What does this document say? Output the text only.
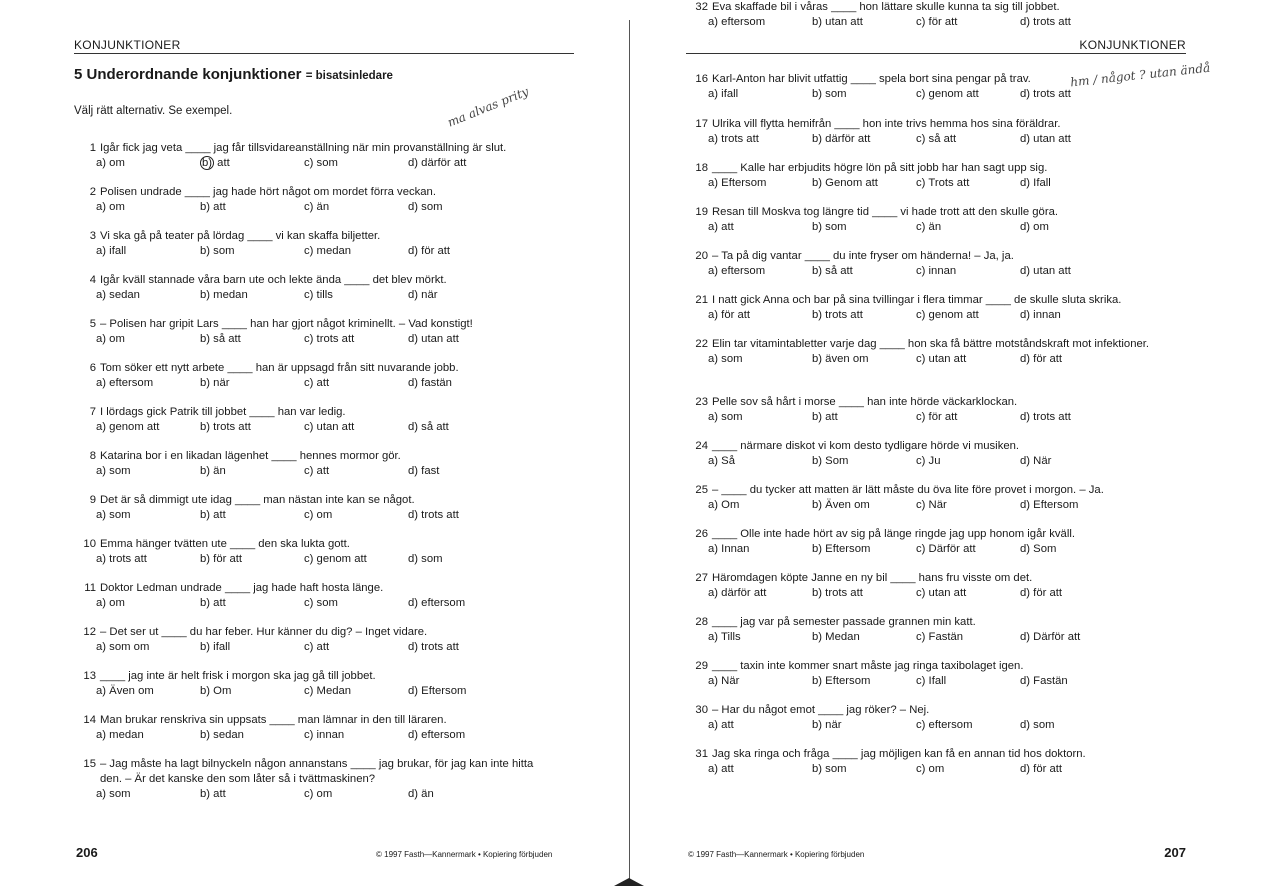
KONJUNKTIONER
5 Underordnande konjunktioner = bisatsinledare
Välj rätt alternativ. Se exempel.	ma alvas prity
1 Igår fick jag veta ____ jag får tillsvidareanställning när min provanställning är slut.
a) om	b) att	c) som	d) därför att
2 Polisen undrade ____ jag hade hört något om mordet förra veckan.
a) om	b) att	c) än	d) som
3 Vi ska gå på teater på lördag ____ vi kan skaffa biljetter.
a) ifall	b) som	c) medan	d) för att
4 Igår kväll stannade våra barn ute och lekte ända ____ det blev mörkt.
a) sedan	b) medan	c) tills	d) när
5 – Polisen har gripit Lars ____ han har gjort något kriminellt. – Vad konstigt!
a) om	b) så att	c) trots att	d) utan att
6 Tom söker ett nytt arbete ____ han är uppsagd från sitt nuvarande jobb.
a) eftersom	b) när	c) att	d) fastän
7 I lördags gick Patrik till jobbet ____ han var ledig.
a) genom att	b) trots att	c) utan att	d) så att
8 Katarina bor i en likadan lägenhet ____ hennes mormor gör.
a) som	b) än	c) att	d) fast
9 Det är så dimmigt ute idag ____ man nästan inte kan se något.
a) som	b) att	c) om	d) trots att
10 Emma hänger tvätten ute ____ den ska lukta gott.
a) trots att	b) för att	c) genom att	d) som
11 Doktor Ledman undrade ____ jag hade haft hosta länge.
a) om	b) att	c) som	d) eftersom
12 – Det ser ut ____ du har feber. Hur känner du dig? – Inget vidare.
a) som om	b) ifall	c) att	d) trots att
13 ____ jag inte är helt frisk i morgon ska jag gå till jobbet.
a) Även om	b) Om	c) Medan	d) Eftersom
14 Man brukar renskriva sin uppsats ____ man lämnar in den till läraren.
a) medan	b) sedan	c) innan	d) eftersom
15 – Jag måste ha lagt bilnyckeln någon annanstans ____ jag brukar, för jag kan inte hitta den. – Är det kanske den som låter så i tvättmaskinen?
a) som	b) att	c) om	d) än
206	© 1997 Fasth—Kannermark • Kopiering förbjuden
KONJUNKTIONER
hm / något ? utan ändå
16 Karl-Anton har blivit utfattig ____ spela bort sina pengar på trav.
a) ifall	b) som	c) genom att	d) trots att
17 Ulrika vill flytta hemifrån ____ hon inte trivs hemma hos sina föräldrar.
a) trots att	b) därför att	c) så att	d) utan att
18 ____ Kalle har erbjudits högre lön på sitt jobb har han sagt upp sig.
a) Eftersom	b) Genom att	c) Trots att	d) Ifall
19 Resan till Moskva tog längre tid ____ vi hade trott att den skulle göra.
a) att	b) som	c) än	d) om
20 – Ta på dig vantar ____ du inte fryser om händerna! – Ja, ja.
a) eftersom	b) så att	c) innan	d) utan att
21 I natt gick Anna och bar på sina tvillingar i flera timmar ____ de skulle sluta skrika.
a) för att	b) trots att	c) genom att	d) innan
22 Elin tar vitamintabletter varje dag ____ hon ska få bättre motståndskraft mot infektioner.
a) som	b) även om	c) utan att	d) för att
23 Pelle sov så hårt i morse ____ han inte hörde väckarklockan.
a) som	b) att	c) för att	d) trots att
24 ____ närmare diskot vi kom desto tydligare hörde vi musiken.
a) Så	b) Som	c) Ju	d) När
25 – ____ du tycker att matten är lätt måste du öva lite före provet i morgon. – Ja.
a) Om	b) Även om	c) När	d) Eftersom
26 ____ Olle inte hade hört av sig på länge ringde jag upp honom igår kväll.
a) Innan	b) Eftersom	c) Därför att	d) Som
27 Häromdagen köpte Janne en ny bil ____ hans fru visste om det.
a) därför att	b) trots att	c) utan att	d) för att
28 ____ jag var på semester passade grannen min katt.
a) Tills	b) Medan	c) Fastän	d) Därför att
29 ____ taxin inte kommer snart måste jag ringa taxibolaget igen.
a) När	b) Eftersom	c) Ifall	d) Fastän
30 – Har du något emot ____ jag röker? – Nej.
a) att	b) när	c) eftersom	d) som
31 Jag ska ringa och fråga ____ jag möjligen kan få en annan tid hos doktorn.
a) att	b) som	c) om	d) för att
32 Eva skaffade bil i våras ____ hon lättare skulle kunna ta sig till jobbet.
a) eftersom	b) utan att	c) för att	d) trots att
207
© 1997 Fasth—Kannermark • Kopiering förbjuden
